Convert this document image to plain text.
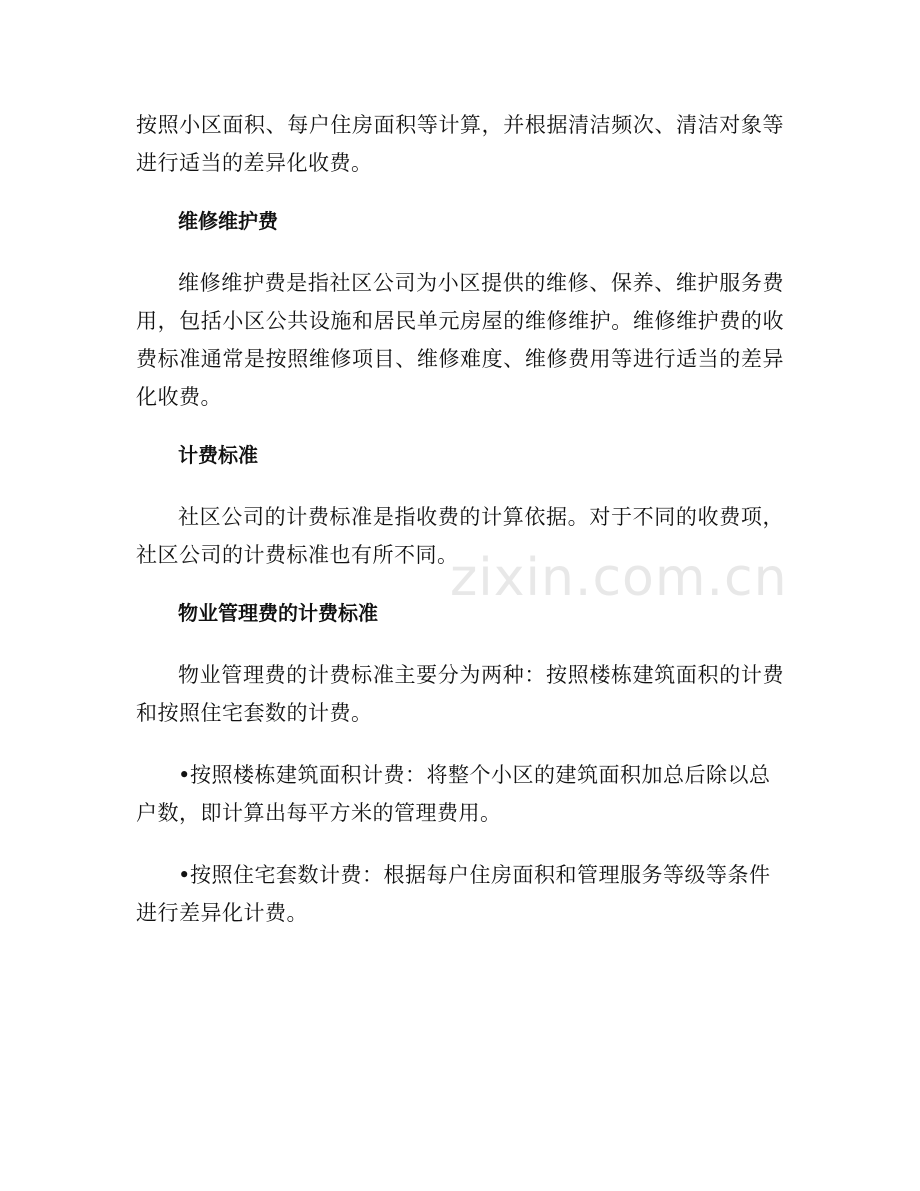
zixin.com.cn

按照小区面积、每户住房面积等计算，并根据清洁频次、清洁对象等进行适当的差异化收费。

维修维护费

维修维护费是指社区公司为小区提供的维修、保养、维护服务费用，包括小区公共设施和居民单元房屋的维修维护。维修维护费的收费标准通常是按照维修项目、维修难度、维修费用等进行适当的差异化收费。

计费标准

社区公司的计费标准是指收费的计算依据。对于不同的收费项，社区公司的计费标准也有所不同。

物业管理费的计费标准

物业管理费的计费标准主要分为两种：按照楼栋建筑面积的计费和按照住宅套数的计费。

•按照楼栋建筑面积计费：将整个小区的建筑面积加总后除以总户数，即计算出每平方米的管理费用。

•按照住宅套数计费：根据每户住房面积和管理服务等级等条件进行差异化计费。
